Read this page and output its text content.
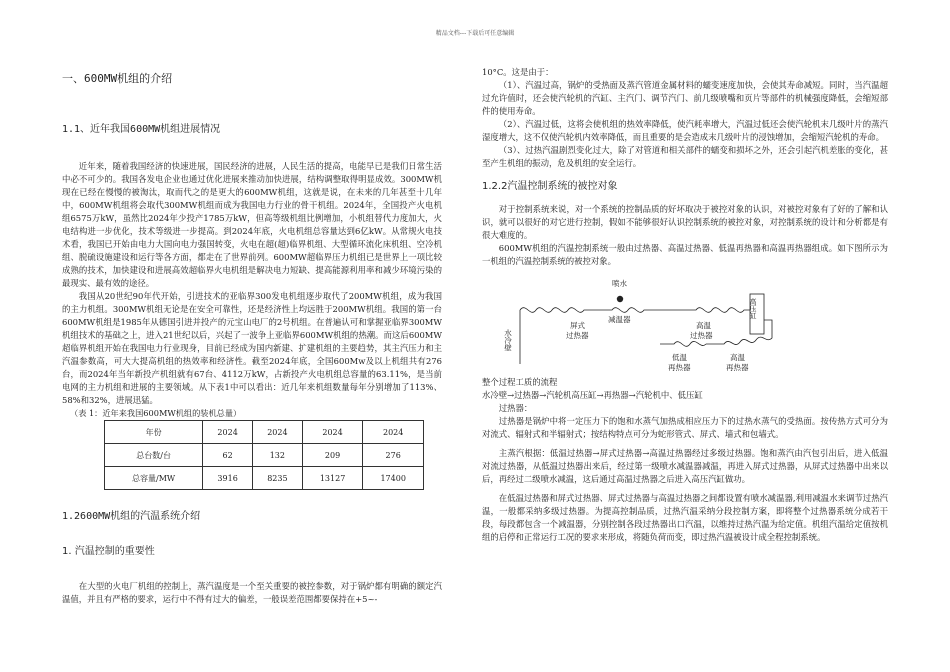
精品文档---下载后可任意编辑

一、600MW机组的介绍

1.1、近年我国600MW机组进展情况

近年来，随着我国经济的快速进展，国民经济的进展，人民生活的提高，电能早已是我们日常生活中必不可少的。我国各发电企业也通过优化进展来推动加快进展，结构调整取得明显成效。300MW机现在已经在慢慢的被淘汰，取而代之的是更大的600MW机组，这就是说，在未来的几年甚至十几年中，600MW机组将会取代300MW机组而成为我国电力行业的骨干机组。2024年，全国投产火电机组6575万kW，虽然比2024年少投产1785万kW，但高等级机组比例增加，小机组替代力度加大，火电结构进一步优化，技术等级进一步提高。到2024年底，火电机组总容量达到6亿kW。从常规火电技术看，我国已开始由电力大国向电力强国转变，火电在超(超)临界机组、大型循环流化床机组、空冷机组、脱硫设施建设和运行等各方面，都走在了世界前列。600MW超临界压力机组已是世界上一项比较成熟的技术，加快建设和进展高效超临界火电机组是解决电力短缺、提高能源利用率和减少环境污染的最现实、最有效的途径。

我国从20世纪90年代开始，引进技术的亚临界300发电机组逐步取代了200MW机组，成为我国的主力机组。300MW机组无论是在安全可靠性，还是经济性上均远胜于200MW机组。我国的第一台600MW机组是1985年从德国引进并投产的元宝山电厂的2号机组。在普遍认可和掌握亚临界300MW机组技术的基础之上，进入21世纪以后，兴起了一波争上亚临界600MW机组的热潮。而这后600MW超临界机组开始在我国电力行业现身，目前已经成为国内新建、扩建机组的主要趋势，其主汽压力和主汽温参数高，可大大提高机组的热效率和经济性。截至2024年底，全国600Mw及以上机组共有276台，而2024年当年新投产机组就有67台、4112万kW，占新投产火电机组总容量的63.11%，是当前电网的主力机组和进展的主要领域。从下表1中可以看出：近几年来机组数量每年分别增加了113%、58%和32%，进展迅猛。

（表 1：近年来我国600MW机组的装机总量）

年份	2024	2024	2024	2024
总台数/台	62	132	209	276
总容量/MW	3916	8235	13127	17400

1.2600MW机组的汽温系统介绍

1. 汽温控制的重要性

在大型的火电厂机组的控制上，蒸汽温度是一个至关重要的被控参数，对于锅炉都有明确的额定汽温值，并且有严格的要求，运行中不得有过大的偏差，一般误差范围都要保持在+5~-

10°C。这是由于：

（1）、汽温过高，锅炉的受热面及蒸汽管道金属材料的蠕变速度加快，会使其寿命减短。同时，当汽温超过允许值时，还会使汽轮机的汽缸、主汽门、调节汽门、前几级喷嘴和页片等部件的机械强度降低，会缩短部件的使用寿命。

（2）、汽温过低，这将会使机组的热效率降低，使汽耗率增大，汽温过低还会使汽轮机末几级叶片的蒸汽湿度增大，这不仅使汽轮机内效率降低，而且重要的是会造成末几级叶片的浸蚀增加，会缩短汽轮机的寿命。

（3）、过热汽温剧烈变化过大，除了对管道和相关部件的蠕变和损坏之外，还会引起汽机差胀的变化，甚至产生机组的振动，危及机组的安全运行。

1.2.2汽温控制系统的被控对象

对于控制系统来说，对一个系统的控制品质的好坏取决于被控对象的认识，对被控对象有了好的了解和认识，就可以很好的对它进行控制，假如不能够很好认识控制系统的被控对象，对控制系统的设计和分析都是有很大难度的。

600MW机组的汽温控制系统一般由过热器、高温过热器、低温再热器和高温再热器组成。如下图所示为一机组的汽温控制系统的被控对象。

水冷壁
屏式
过热器
喷水
减温器
高温
过热器
高压缸
低温
再热器
高温
再热器

整个过程工质的流程

水冷壁→过热器→汽轮机高压缸→再热器→汽轮机中、低压缸

过热器：

过热器是锅炉中将一定压力下的饱和水蒸气加热成相应压力下的过热水蒸气的受热面。按传热方式可分为对流式、辐射式和半辐射式；按结构特点可分为蛇形管式、屏式、墙式和包墙式。

主蒸汽根据：低温过热器→屏式过热器→高温过热器经过多级过热器。饱和蒸汽由汽包引出后，进入低温对流过热器，从低温过热器出来后，经过第一级喷水减温器减温，再进入屏式过热器，从屏式过热器中出来以后，再经过二级喷水减温，这后通过高温过热器之后进入高压汽缸做功。

在低温过热器和屏式过热器、屏式过热器与高温过热器之间都设置有喷水减温器,利用减温水来调节过热汽温，一般都采纳多级过热器。为提高控制品质，过热汽温采纳分段控制方案，即将整个过热器系统分成若干段，每段都包含一个减温器，分别控制各段过热器出口汽温，以维持过热汽温为给定值。机组汽温给定值按机组的启停和正常运行工况的要求来形成，将随负荷而变，即过热汽温被设计成全程控制系统。
